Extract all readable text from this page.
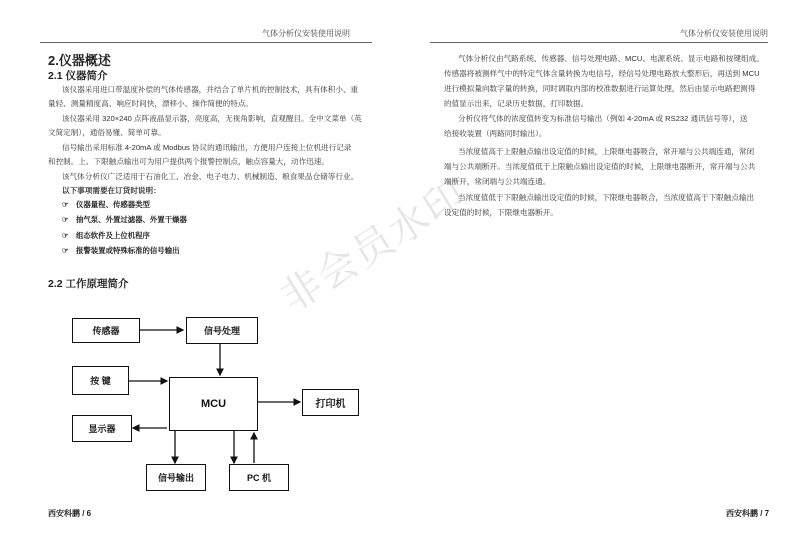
气体分析仪安装使用说明
2.仪器概述
2.1 仪器简介
该仪器采用进口带温度补偿的气体传感器，并结合了单片机的控制技术，具有体积小、重
量轻、测量精度高、响应时间快，漂移小、操作简便的特点。
该仪器采用 320×240 点阵液晶显示器，亮度高，无视角影响，直观醒目。全中文菜单（英
文简定制），通俗易懂、简单可靠。
信号输出采用标准 4-20mA 或 Modbus 协议的通讯输出，方便用户连接上位机进行记录
和控制。上、下限触点输出可为用户提供两个报警控制点，触点容量大，动作迅速。
该气体分析仪广泛适用于石油化工、冶金、电子电力、机械制造、粮食果品仓储等行业。
以下事项需要在订货时说明：
☞ 仪器量程、传感器类型
☞ 抽气泵、外置过滤器、外置干燥器
☞ 组态软件及上位机程序
☞ 报警装置或特殊标准的信号输出
2.2 工作原理简介
传感器	信号处理
按 键
MCU	打印机
显示器
信号输出	PC 机
西安科鹏 / 6
气体分析仪安装使用说明
气体分析仪由气路系统、传感器、信号处理电路、MCU、电源系统、显示电路和按键组成。
传感器将被测样气中的特定气体含量转换为电信号，经信号处理电路放大整形后，再送到 MCU
进行模拟量向数字量的转换，同时调取内部的校准数据进行运算处理，然后由显示电路把测得
的值显示出来，记录历史数据，打印数据。
分析仪将气体的浓度值转变为标准信号输出（例如 4-20mA 或 RS232 通讯信号等），送
给接收装置（两路同时输出）。
当浓度值高于上限触点输出设定值的时候，上限继电器吸合，常开端与公共端连通，常闭
端与公共端断开。当浓度值低于上限触点输出设定值的时候，上限继电器断开，常开端与公共
端断开，常闭端与公共端连通。
当浓度值低于下限触点输出设定值的时候，下限继电器吸合，当浓度值高于下限触点输出
设定值的时候，下限继电器断开。
西安科鹏 / 7
非会员水印
